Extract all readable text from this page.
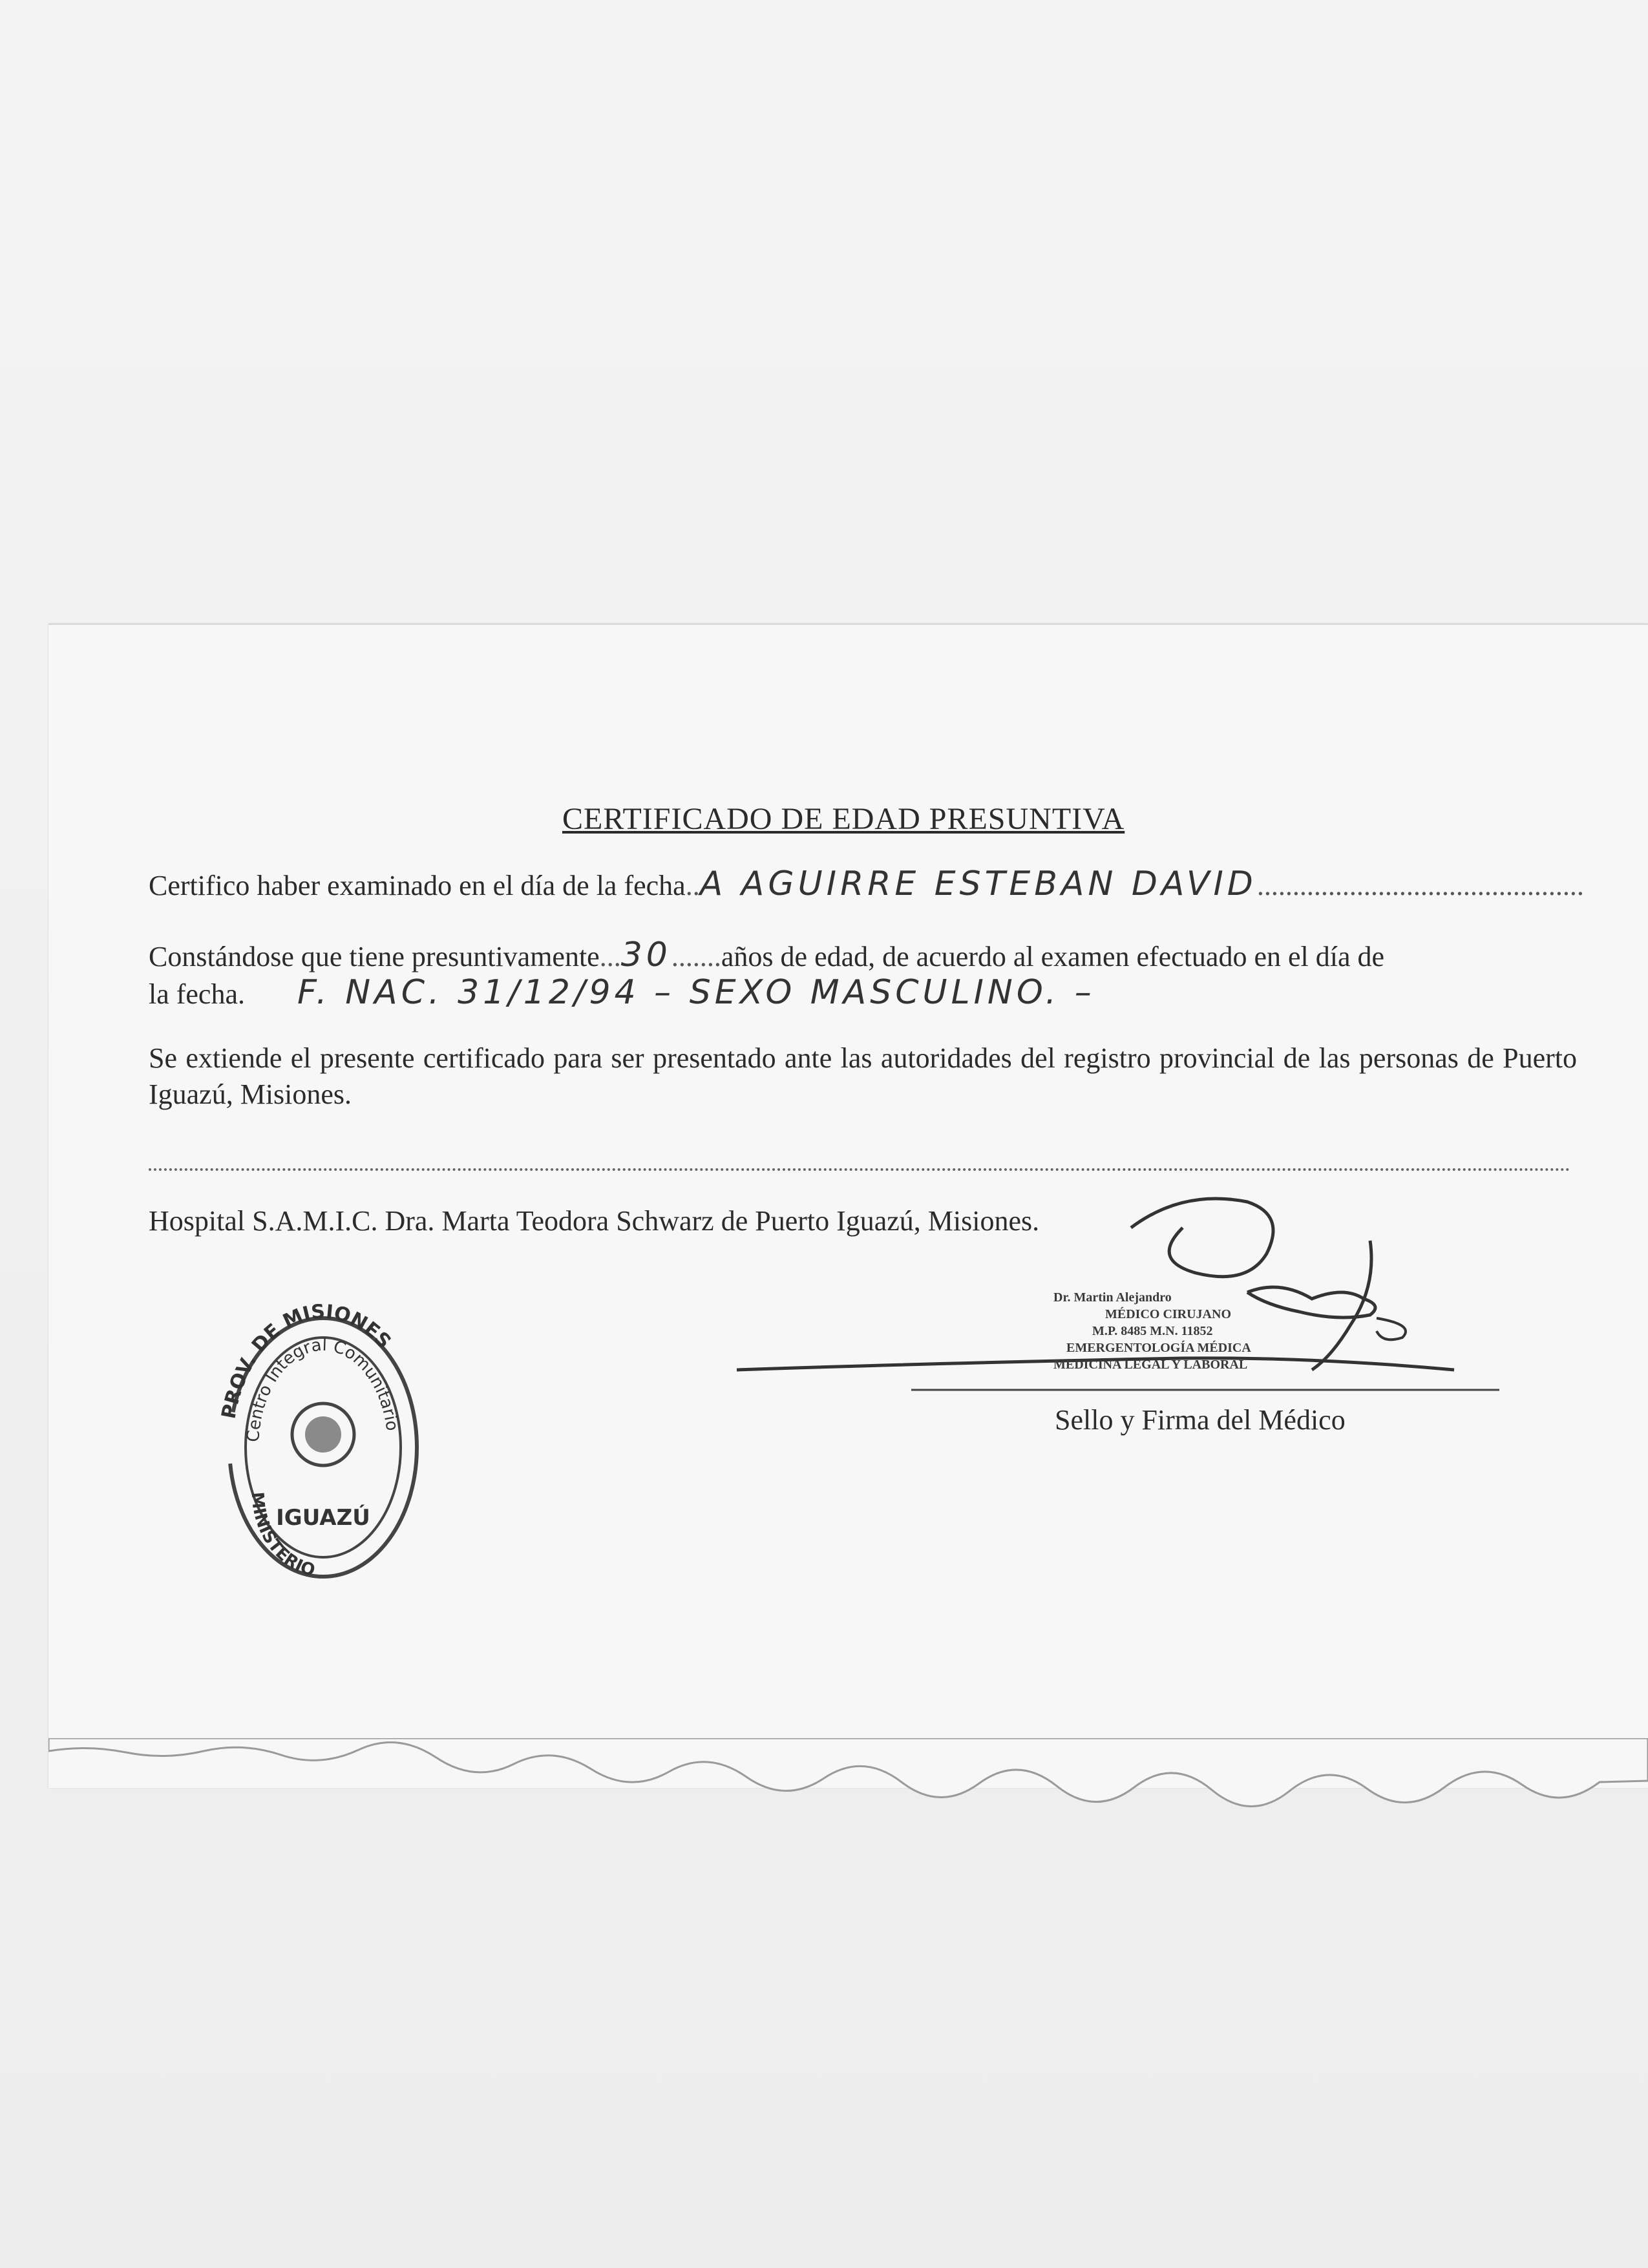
CERTIFICADO DE EDAD PRESUNTIVA
Certifico haber examinado en el día de la fecha..A AGUIRRE ESTEBAN DAVID..............................................
Constándose que tiene presuntivamente...30.......años de edad, de acuerdo al examen efectuado en el día de
la fecha. F. NAC. 31/12/94 – SEXO MASCULINO. –
Se extiende el presente certificado para ser presentado ante las autoridades del registro provincial de las personas de Puerto Iguazú, Misiones.
Hospital S.A.M.I.C. Dra. Marta Teodora Schwarz de Puerto Iguazú, Misiones.
Dr. Martin Alejandro
MÉDICO CIRUJANO
M.P. 8485 M.N. 11852
EMERGENTOLOGÍA MÉDICA
MEDICINA LEGAL Y LABORAL
Sello y Firma del Médico
PROV. DE MISIONES
Centro Integral Comunitario
IGUAZÚ
MINISTERIO
